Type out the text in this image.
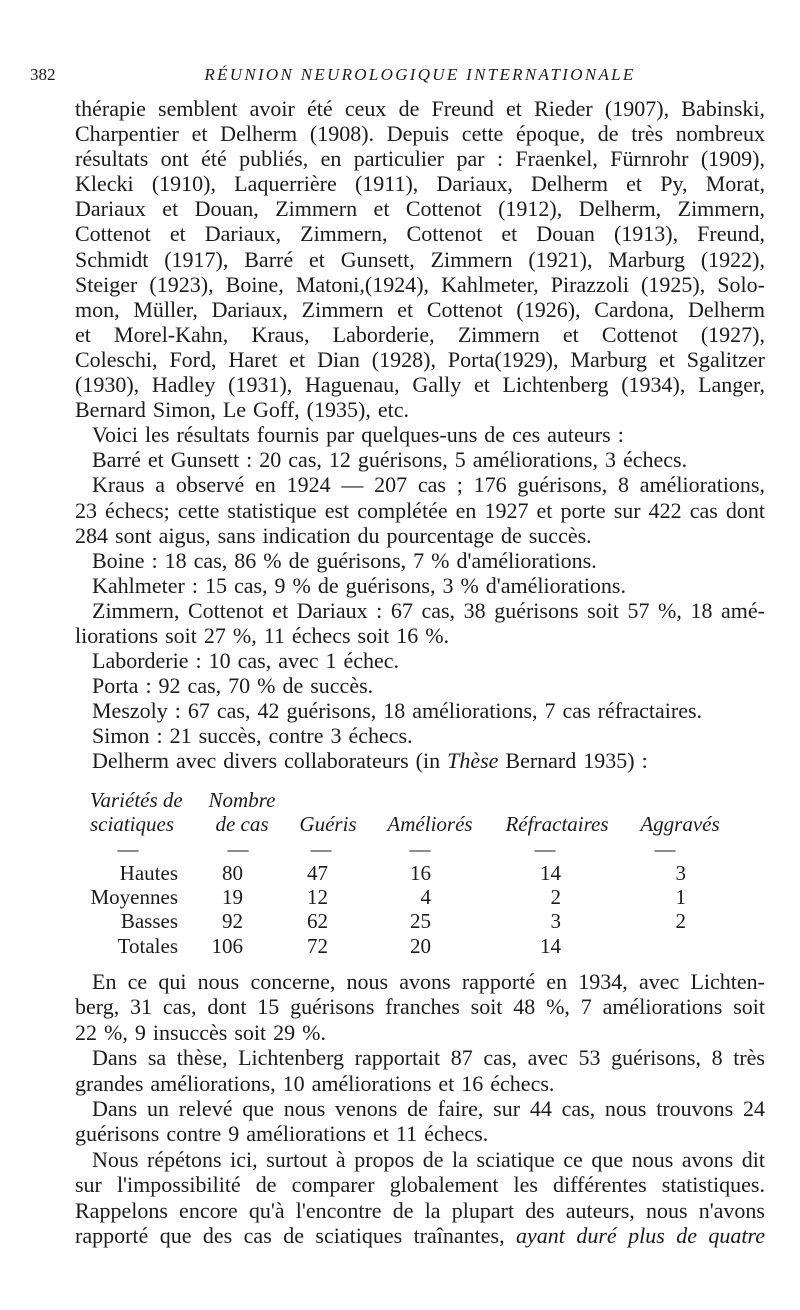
382	RÉUNION NEUROLOGIQUE INTERNATIONALE
thérapie semblent avoir été ceux de Freund et Rieder (1907), Babinski,
Charpentier et Delherm (1908). Depuis cette époque, de très nombreux
résultats ont été publiés, en particulier par : Fraenkel, Fürnrohr (1909),
Klecki (1910), Laquerrière (1911), Dariaux, Delherm et Py, Morat,
Dariaux et Douan, Zimmern et Cottenot (1912), Delherm, Zimmern,
Cottenot et Dariaux, Zimmern, Cottenot et Douan (1913), Freund,
Schmidt (1917), Barré et Gunsett, Zimmern (1921), Marburg (1922),
Steiger (1923), Boine, Matoni,(1924), Kahlmeter, Pirazzoli (1925), Solo-
mon, Müller, Dariaux, Zimmern et Cottenot (1926), Cardona, Delherm
et Morel-Kahn, Kraus, Laborderie, Zimmern et Cottenot (1927),
Coleschi, Ford, Haret et Dian (1928), Porta(1929), Marburg et Sgalitzer
(1930), Hadley (1931), Haguenau, Gally et Lichtenberg (1934), Langer,
Bernard Simon, Le Goff, (1935), etc.
Voici les résultats fournis par quelques-uns de ces auteurs :
Barré et Gunsett : 20 cas, 12 guérisons, 5 améliorations, 3 échecs.
Kraus a observé en 1924 — 207 cas ; 176 guérisons, 8 améliorations,
23 échecs; cette statistique est complétée en 1927 et porte sur 422 cas dont
284 sont aigus, sans indication du pourcentage de succès.
Boine : 18 cas, 86 % de guérisons, 7 % d'améliorations.
Kahlmeter : 15 cas, 9 % de guérisons, 3 % d'améliorations.
Zimmern, Cottenot et Dariaux : 67 cas, 38 guérisons soit 57 %, 18 amé-
liorations soit 27 %, 11 échecs soit 16 %.
Laborderie : 10 cas, avec 1 échec.
Porta : 92 cas, 70 % de succès.
Meszoly : 67 cas, 42 guérisons, 18 améliorations, 7 cas réfractaires.
Simon : 21 succès, contre 3 échecs.
Delherm avec divers collaborateurs (in Thèse Bernard 1935) :
Variétés de	Nombre
sciatiques	de cas	Guéris	Améliorés	Réfractaires	Aggravés
—	—	—	—	—	—
Hautes	80	47	16	14	3
Moyennes	19	12	4	2	1
Basses	92	62	25	3	2
Totales	106	72	20	14
En ce qui nous concerne, nous avons rapporté en 1934, avec Lichten-
berg, 31 cas, dont 15 guérisons franches soit 48 %, 7 améliorations soit
22 %, 9 insuccès soit 29 %.
Dans sa thèse, Lichtenberg rapportait 87 cas, avec 53 guérisons, 8 très
grandes améliorations, 10 améliorations et 16 échecs.
Dans un relevé que nous venons de faire, sur 44 cas, nous trouvons 24
guérisons contre 9 améliorations et 11 échecs.
Nous répétons ici, surtout à propos de la sciatique ce que nous avons dit
sur l'impossibilité de comparer globalement les différentes statistiques.
Rappelons encore qu'à l'encontre de la plupart des auteurs, nous n'avons
rapporté que des cas de sciatiques traînantes, ayant duré plus de quatre
